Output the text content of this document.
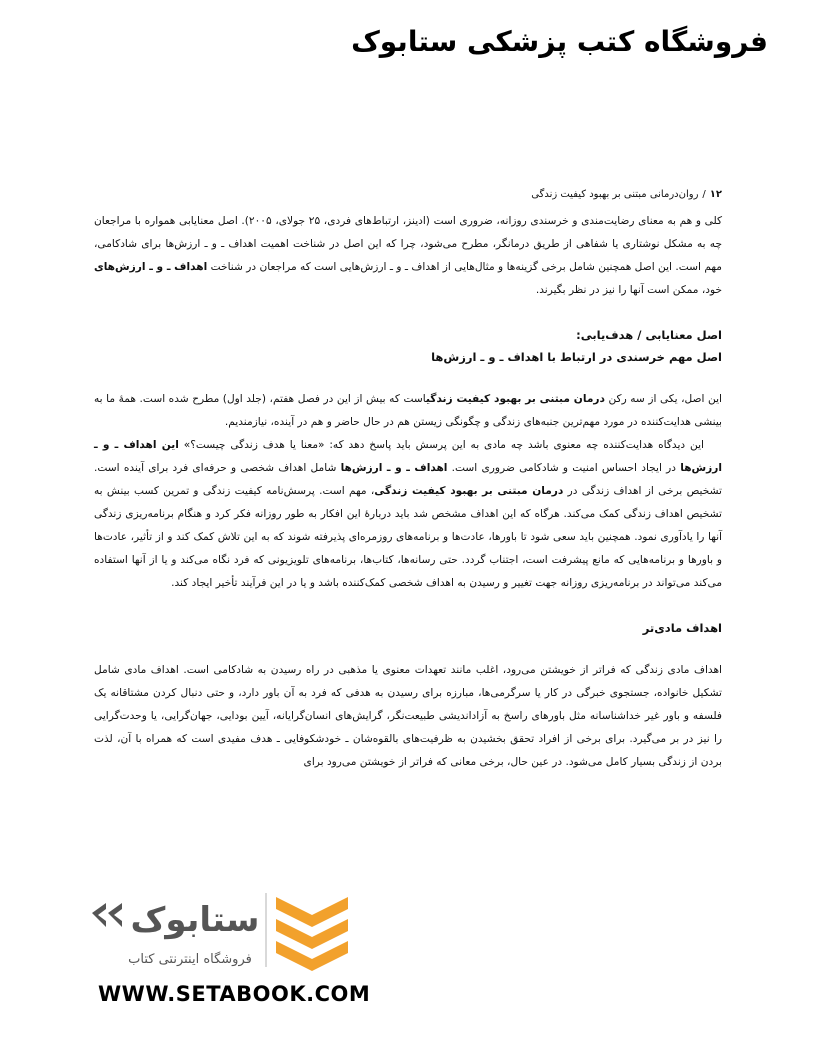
فروشگاه کتب پزشکی ستابوک
۱۲/روان‌درمانی مبتنی بر بهبود کیفیت زندگی

کلی و هم به معنای رضایت‌مندی و خرسندی روزانه، ضروری است (ادینز، ارتباط‌های فردی، ۲۵ جولای، ۲۰۰۵). اصل معنایابی همواره با مراجعان چه به مشکل نوشتاری یا شفاهی از طریق درمانگر، مطرح می‌شود، چرا که این اصل در شناخت اهمیت اهداف ـ و ـ ارزش‌ها برای شادکامی، مهم است. این اصل همچنین شامل برخی گزینه‌ها و مثال‌هایی از اهداف ـ و ـ ارزش‌هایی است که مراجعان در شناخت اهداف ـ و ـ ارزش‌های خود، ممکن است آنها را نیز در نظر بگیرند.

اصل معنایابی / هدف‌یابی:

اصل مهم خرسندی در ارتباط با اهداف ـ و ـ ارزش‌ها

این اصل، یکی از سه رکن درمان مبتنی بر بهبود کیفیت زندگیاست که بیش از این در فصل هفتم، (جلد اول) مطرح شده است. همهٔ ما به بینشی هدایت‌کننده در مورد مهم‌ترین جنبه‌های زندگی و چگونگی زیستن هم در حال حاضر و هم در آینده، نیازمندیم.

این دیدگاه هدایت‌کننده چه معنوی باشد چه مادی به این پرسش باید پاسخ دهد که: «معنا یا هدف زندگی چیست؟» این اهداف ـ و ـ ارزش‌ها در ایجاد احساس امنیت و شادکامی ضروری است. اهداف ـ و ـ ارزش‌ها شامل اهداف شخصی و حرفه‌ای فرد برای آینده است. تشخیص برخی از اهداف زندگی در درمان مبتنی بر بهبود کیفیت زندگی، مهم است. پرسش‌نامه کیفیت زندگی و تمرین کسب بینش به تشخیص اهداف زندگی کمک می‌کند. هرگاه که این اهداف مشخص شد باید دربارهٔ این افکار به طور روزانه فکر کرد و هنگام برنامه‌ریزی زندگی آنها را یادآوری نمود. همچنین باید سعی شود تا باورها، عادت‌ها و برنامه‌های روزمره‌ای پذیرفته شوند که به این تلاش کمک کند و از تأثیر، عادت‌ها و باورها و برنامه‌هایی که مانع پیشرفت است، اجتناب گردد. حتی رسانه‌ها، کتاب‌ها، برنامه‌های تلویزیونی که فرد نگاه می‌کند و یا از آنها استفاده می‌کند می‌تواند در برنامه‌ریزی روزانه جهت تغییر و رسیدن به اهداف شخصی کمک‌کننده باشد و یا در این فرآیند تأخیر ایجاد کند.

اهداف مادی‌تر

اهداف مادی زندگی که فراتر از خویشتن می‌رود، اغلب مانند تعهدات معنوی یا مذهبی در راه رسیدن به شادکامی است. اهداف مادی شامل تشکیل خانواده، جستجوی خبرگی در کار یا سرگرمی‌ها، مبارزه برای رسیدن به هدفی که فرد به آن باور دارد، و حتی دنبال کردن مشتاقانه یک فلسفه و باور غیر خداشناسانه مثل باورهای راسخ به آزاداندیشی طبیعت‌نگر، گرایش‌های انسان‌گرایانه، آیین بودایی، جهان‌گرایی، یا وحدت‌گرایی را نیز در بر می‌گیرد. برای برخی از افراد تحقق بخشیدن به ظرفیت‌های بالقوه‌شان ـ خودشکوفایی ـ هدف مفیدی است که همراه با آن، لذت بردن از زندگی بسیار کامل می‌شود. در عین حال، برخی معانی که فراتر از خویشتن می‌رود برای

ستابوک
فروشگاه اینترنتی کتاب
WWW.SETABOOK.COM
